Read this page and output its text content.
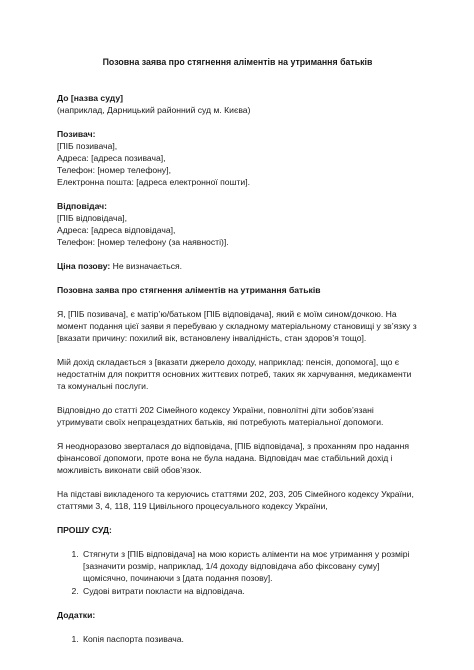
Позовна заява про стягнення аліментів на утримання батьків
До [назва суду]
(наприклад, Дарницький районний суд м. Києва)
Позивач:
[ПІБ позивача],
Адреса: [адреса позивача],
Телефон: [номер телефону],
Електронна пошта: [адреса електронної пошти].
Відповідач:
[ПІБ відповідача],
Адреса: [адреса відповідача],
Телефон: [номер телефону (за наявності)].
Ціна позову: Не визначається.
Позовна заява про стягнення аліментів на утримання батьків

Я, [ПІБ позивача], є матір’ю/батьком [ПІБ відповідача], який є моїм сином/дочкою. На момент подання цієї заяви я перебуваю у складному матеріальному становищі у зв’язку з [вказати причину: похилий вік, встановлену інвалідність, стан здоров’я тощо].

Мій дохід складається з [вказати джерело доходу, наприклад: пенсія, допомога], що є недостатнім для покриття основних життєвих потреб, таких як харчування, медикаменти та комунальні послуги.

Відповідно до статті 202 Сімейного кодексу України, повнолітні діти зобов’язані утримувати своїх непрацездатних батьків, які потребують матеріальної допомоги.

Я неодноразово зверталася до відповідача, [ПІБ відповідача], з проханням про надання фінансової допомоги, проте вона не була надана. Відповідач має стабільний дохід і можливість виконати свій обов’язок.

На підставі викладеного та керуючись статтями 202, 203, 205 Сімейного кодексу України, статтями 3, 4, 118, 119 Цивільного процесуального кодексу України,

ПРОШУ СУД:
1. Стягнути з [ПІБ відповідача] на мою користь аліменти на моє утримання у розмірі [зазначити розмір, наприклад, 1/4 доходу відповідача або фіксовану суму] щомісячно, починаючи з [дата подання позову].
2. Судові витрати покласти на відповідача.
Додатки:
1. Копія паспорта позивача.
